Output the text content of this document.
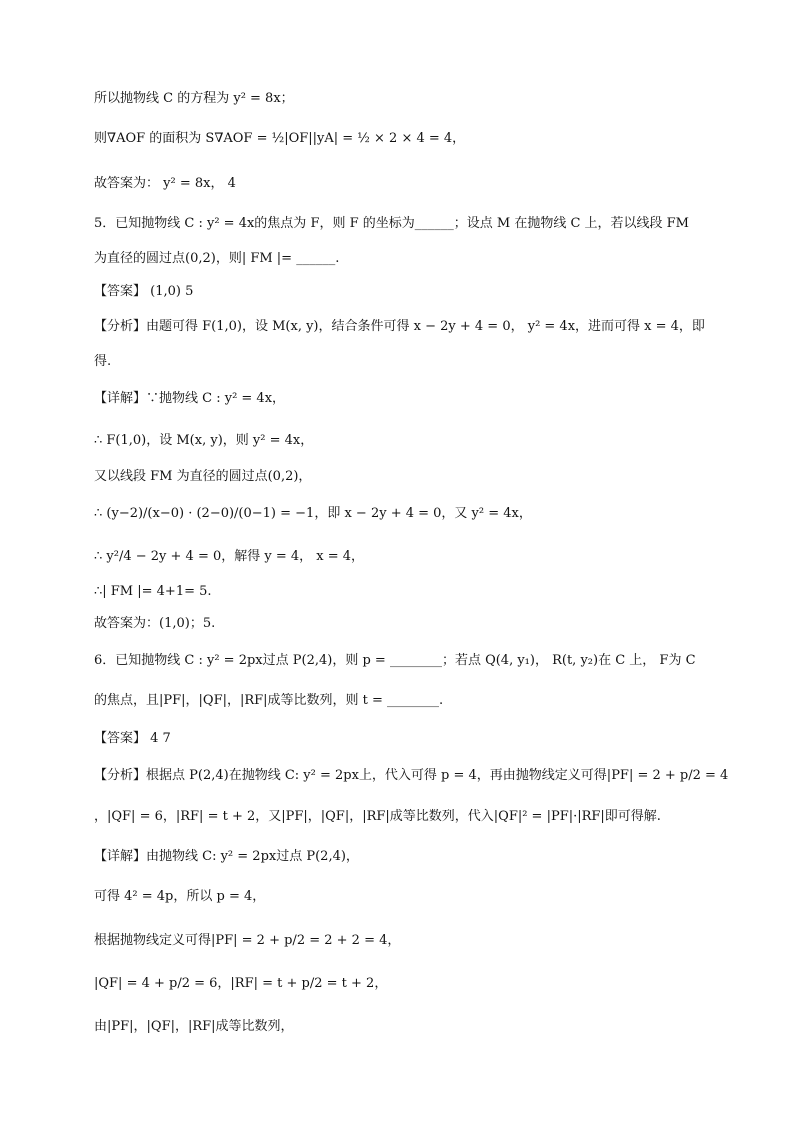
所以抛物线 C 的方程为 y² = 8x；
则∇AOF 的面积为 S∇AOF = ½|OF||yA| = ½ × 2 × 4 = 4，
故答案为： y² = 8x， 4
5．已知抛物线 C : y² = 4x的焦点为 F，则 F 的坐标为______；设点 M 在抛物线 C 上，若以线段 FM
为直径的圆过点(0,2)，则| FM |= ______.
【答案】 (1,0) 5
【分析】由题可得 F(1,0)，设 M(x, y)，结合条件可得 x − 2y + 4 = 0， y² = 4x，进而可得 x = 4，即
得.
【详解】∵抛物线 C : y² = 4x，
∴ F(1,0)，设 M(x, y)，则 y² = 4x，
又以线段 FM 为直径的圆过点(0,2)，
∴ (y−2)/(x−0) · (2−0)/(0−1) = −1，即 x − 2y + 4 = 0，又 y² = 4x，
∴ y²/4 − 2y + 4 = 0，解得 y = 4， x = 4，
∴| FM |= 4+1= 5.
故答案为：(1,0)；5.
6．已知抛物线 C : y² = 2px过点 P(2,4)，则 p = ________；若点 Q(4, y₁)， R(t, y₂)在 C 上， F为 C
的焦点，且|PF|，|QF|，|RF|成等比数列，则 t = ________.
【答案】 4 7
【分析】根据点 P(2,4)在抛物线 C: y² = 2px上，代入可得 p = 4，再由抛物线定义可得|PF| = 2 + p/2 = 4
，|QF| = 6，|RF| = t + 2，又|PF|，|QF|，|RF|成等比数列，代入|QF|² = |PF|·|RF|即可得解.
【详解】由抛物线 C: y² = 2px过点 P(2,4)，
可得 4² = 4p，所以 p = 4，
根据抛物线定义可得|PF| = 2 + p/2 = 2 + 2 = 4，
|QF| = 4 + p/2 = 6，|RF| = t + p/2 = t + 2，
由|PF|，|QF|，|RF|成等比数列，
